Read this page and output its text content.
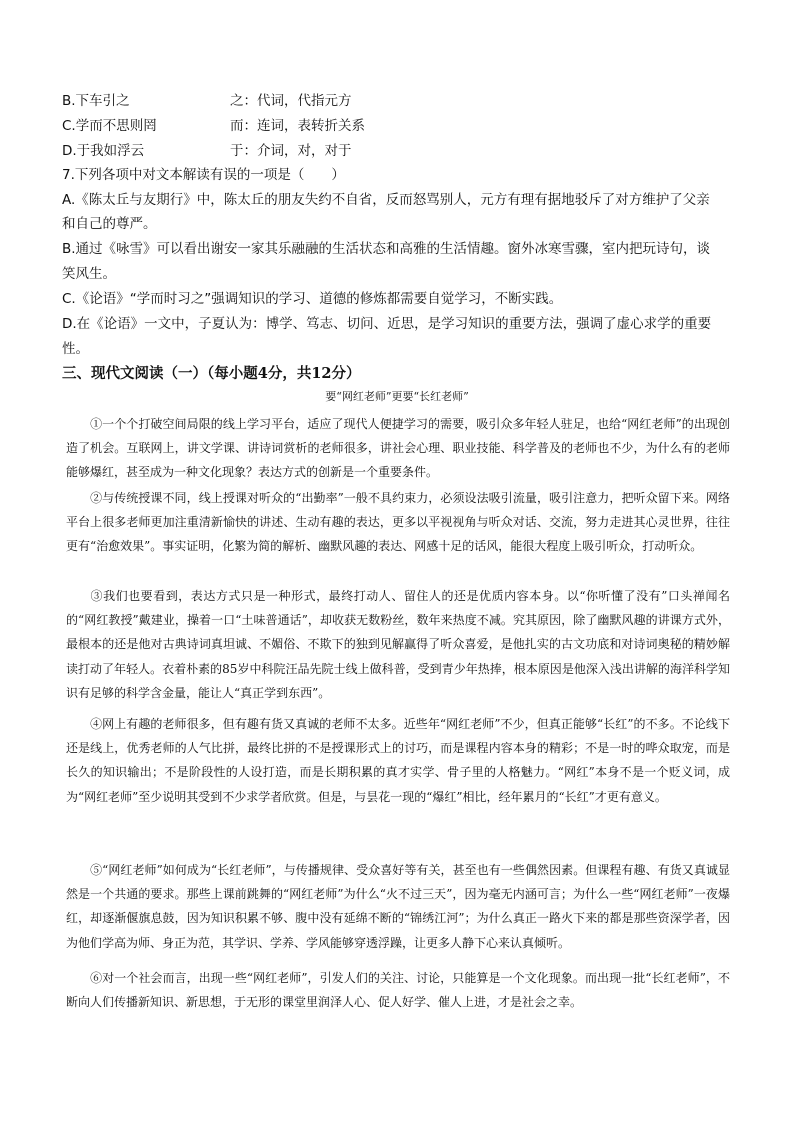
B.下车引之	之：代词，代指元方
C.学而不思则罔	而：连词，表转折关系
D.于我如浮云	于：介词，对，对于
7.下列各项中对文本解读有误的一项是（　　）
A.《陈太丘与友期行》中，陈太丘的朋友失约不自省，反而怒骂别人，元方有理有据地驳斥了对方维护了父亲
和自己的尊严。
B.通过《咏雪》可以看出谢安一家其乐融融的生活状态和高雅的生活情趣。窗外冰寒雪骤，室内把玩诗句，谈
笑风生。
C.《论语》“学而时习之”强调知识的学习、道德的修炼都需要自觉学习，不断实践。
D.在《论语》一文中，子夏认为：博学、笃志、切问、近思，是学习知识的重要方法，强调了虚心求学的重要
性。
三、现代文阅读（一）（每小题4分，共12分）
要“网红老师”更要“长红老师”
①一个个打破空间局限的线上学习平台，适应了现代人便捷学习的需要，吸引众多年轻人驻足，也给“网红老师”的出现创造了机会。互联网上，讲文学课、讲诗词赏析的老师很多，讲社会心理、职业技能、科学普及的老师也不少，为什么有的老师能够爆红，甚至成为一种文化现象？表达方式的创新是一个重要条件。
②与传统授课不同，线上授课对听众的“出勤率”一般不具约束力，必须设法吸引流量，吸引注意力，把听众留下来。网络平台上很多老师更加注重清新愉快的讲述、生动有趣的表达，更多以平视视角与听众对话、交流，努力走进其心灵世界，往往更有“治愈效果”。事实证明，化繁为简的解析、幽默风趣的表达、网感十足的话风，能很大程度上吸引听众，打动听众。
③我们也要看到，表达方式只是一种形式，最终打动人、留住人的还是优质内容本身。以“你听懂了没有”口头禅闻名的“网红教授”戴建业，操着一口“土味普通话”，却收获无数粉丝，数年来热度不减。究其原因，除了幽默风趣的讲课方式外，最根本的还是他对古典诗词真坦诚、不媚俗、不欺下的独到见解赢得了听众喜爱，是他扎实的古文功底和对诗词奥秘的精妙解读打动了年轻人。衣着朴素的85岁中科院汪品先院士线上做科普，受到青少年热捧，根本原因是他深入浅出讲解的海洋科学知识有足够的科学含金量，能让人“真正学到东西”。
④网上有趣的老师很多，但有趣有货又真诚的老师不太多。近些年“网红老师”不少，但真正能够“长红”的不多。不论线下还是线上，优秀老师的人气比拼，最终比拼的不是授课形式上的讨巧，而是课程内容本身的精彩；不是一时的哗众取宠，而是长久的知识输出；不是阶段性的人设打造，而是长期积累的真才实学、骨子里的人格魅力。“网红”本身不是一个贬义词，成为“网红老师”至少说明其受到不少求学者欣赏。但是，与昙花一现的“爆红”相比，经年累月的“长红”才更有意义。
⑤“网红老师”如何成为“长红老师”，与传播规律、受众喜好等有关，甚至也有一些偶然因素。但课程有趣、有货又真诚显然是一个共通的要求。那些上课前跳舞的“网红老师”为什么“火不过三天”，因为毫无内涵可言；为什么一些“网红老师”一夜爆红，却逐渐偃旗息鼓，因为知识积累不够、腹中没有延绵不断的“锦绣江河”；为什么真正一路火下来的都是那些资深学者，因为他们学高为师、身正为范，其学识、学养、学风能够穿透浮躁，让更多人静下心来认真倾听。
⑥对一个社会而言，出现一些“网红老师”，引发人们的关注、讨论，只能算是一个文化现象。而出现一批“长红老师”，不断向人们传播新知识、新思想，于无形的课堂里润泽人心、促人好学、催人上进，才是社会之幸。
